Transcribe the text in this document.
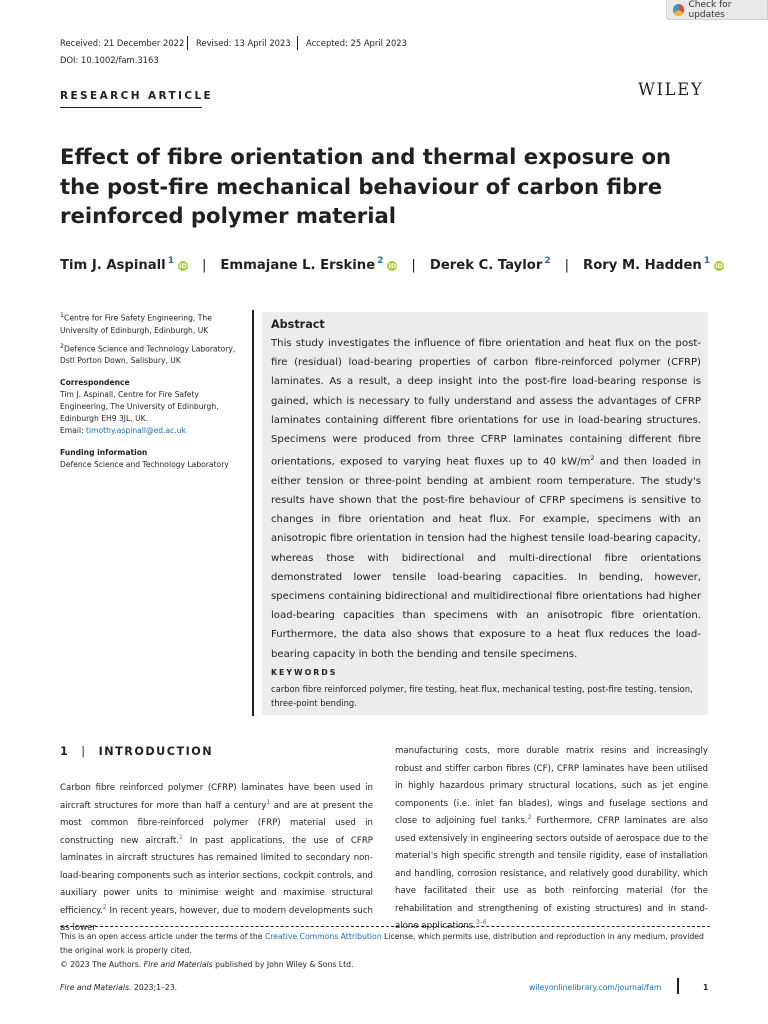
Check for updates
Received: 21 December 2022 Revised: 13 April 2023 Accepted: 25 April 2023
DOI: 10.1002/fam.3163
RESEARCH ARTICLE	WILEY
Effect of fibre orientation and thermal exposure on the post-fire mechanical behaviour of carbon fibre reinforced polymer material
Tim J. Aspinall$^1$ iD | Emmajane L. Erskine$^2$ iD | Derek C. Taylor$^2$ | Rory M. Hadden$^1$ iD

$^1$Centre for Fire Safety Engineering, The University of Edinburgh, Edinburgh, UK

$^2$Defence Science and Technology Laboratory, Dstl Porton Down, Salisbury, UK

Correspondence

Tim J. Aspinall, Centre for Fire Safety Engineering, The University of Edinburgh, Edinburgh EH9 3JL, UK.

Email: timothy.aspinall@ed.ac.uk

Funding information

Defence Science and Technology Laboratory

Abstract
This study investigates the influence of fibre orientation and heat flux on the post-fire (residual) load-bearing properties of carbon fibre-reinforced polymer (CFRP) laminates. As a result, a deep insight into the post-fire load-bearing response is gained, which is necessary to fully understand and assess the advantages of CFRP laminates containing different fibre orientations for use in load-bearing structures. Specimens were produced from three CFRP laminates containing different fibre orientations, exposed to varying heat fluxes up to 40 $kW/m^2$ and then loaded in either tension or three-point bending at ambient room temperature. The study's results have shown that the post-fire behaviour of CFRP specimens is sensitive to changes in fibre orientation and heat flux. For example, specimens with an anisotropic fibre orientation in tension had the highest tensile load-bearing capacity, whereas those with bidirectional and multi-directional fibre orientations demonstrated lower tensile load-bearing capacities. In bending, however, specimens containing bidirectional and multidirectional fibre orientations had higher load-bearing capacities than specimens with an anisotropic fibre orientation. Furthermore, the data also shows that exposure to a heat flux reduces the load-bearing capacity in both the bending and tensile specimens.
KEYWORDS
carbon fibre reinforced polymer, fire testing, heat flux, mechanical testing, post-fire testing, tension, three-point bending.
1 | INTRODUCTION
Carbon fibre reinforced polymer (CFRP) laminates have been used in aircraft structures for more than half a century$^1$ and are at present the most common fibre-reinforced polymer (FRP) material used in constructing new aircraft.$^1$ In past applications, the use of CFRP laminates in aircraft structures has remained limited to secondary non-load-bearing components such as interior sections, cockpit controls, and auxiliary power units to minimise weight and maximise structural efficiency.$^2$ In recent years, however, due to modern developments such as lower
manufacturing costs, more durable matrix resins and increasingly robust and stiffer carbon fibres (CF), CFRP laminates have been utilised in highly hazardous primary structural locations, such as jet engine components (i.e. inlet fan blades), wings and fuselage sections and close to adjoining fuel tanks.$^2$ Furthermore, CFRP laminates are also used extensively in engineering sectors outside of aerospace due to the material's high specific strength and tensile rigidity, ease of installation and handling, corrosion resistance, and relatively good durability, which have facilitated their use as both reinforcing material (for the rehabilitation and strengthening of existing structures) and in stand-alone applications.$^{3-6}$

This is an open access article under the terms of the Creative Commons Attribution License, which permits use, distribution and reproduction in any medium, provided the original work is properly cited.

© 2023 The Authors. Fire and Materials published by John Wiley & Sons Ltd.

Fire and Materials. 2023;1–23.	wileyonlinelibrary.com/journal/fam	1
